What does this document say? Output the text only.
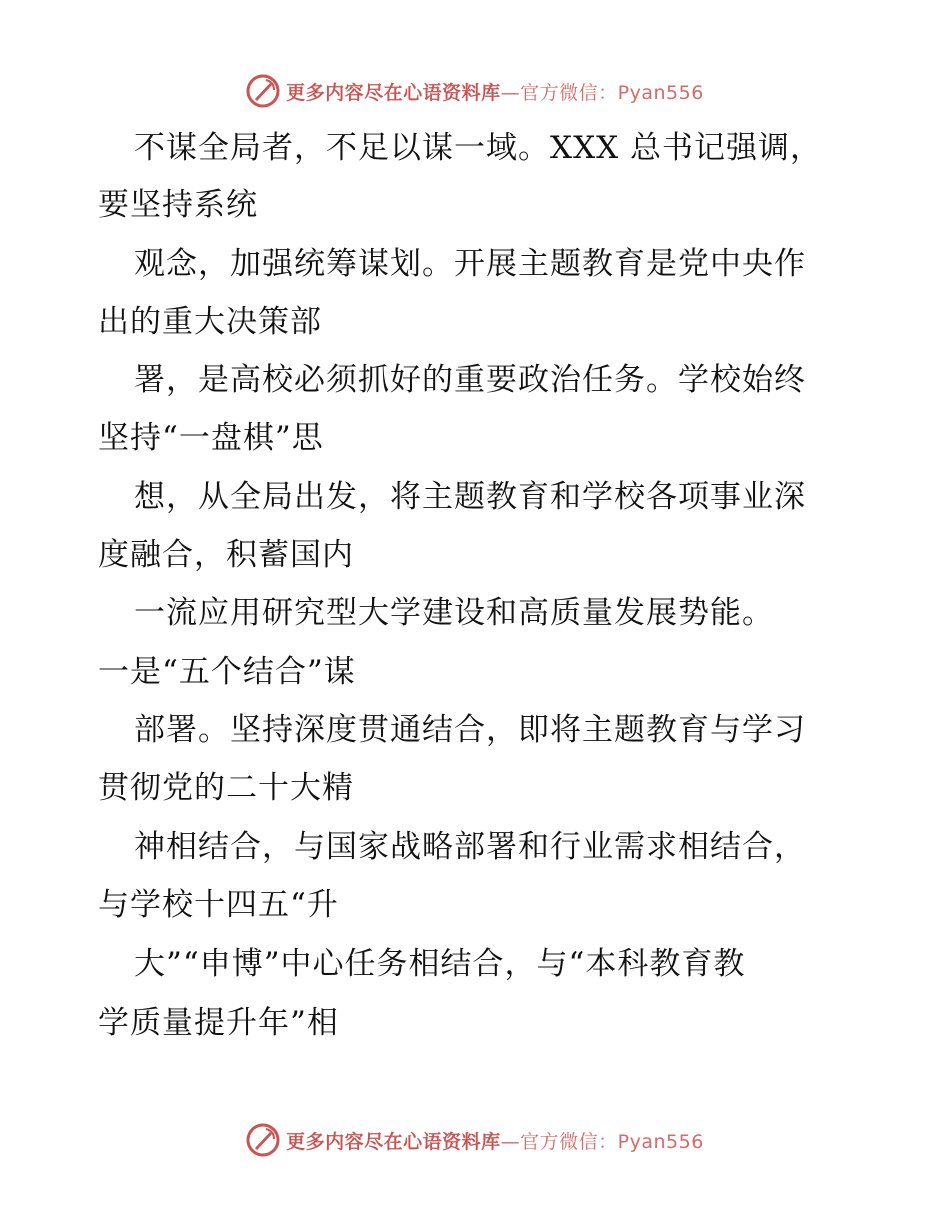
更多内容尽在心语资料库—官方微信：Pyan556
不谋全局者，不足以谋一域。XXX 总书记强调，
要坚持系统
观念，加强统筹谋划。开展主题教育是党中央作
出的重大决策部
署，是高校必须抓好的重要政治任务。学校始终
坚持“一盘棋”思
想，从全局出发，将主题教育和学校各项事业深
度融合，积蓄国内
一流应用研究型大学建设和高质量发展势能。
一是“五个结合”谋
部署。坚持深度贯通结合，即将主题教育与学习
贯彻党的二十大精
神相结合，与国家战略部署和行业需求相结合，
与学校十四五“升
大”“申博”中心任务相结合，与“本科教育教
学质量提升年”相
更多内容尽在心语资料库—官方微信：Pyan556
